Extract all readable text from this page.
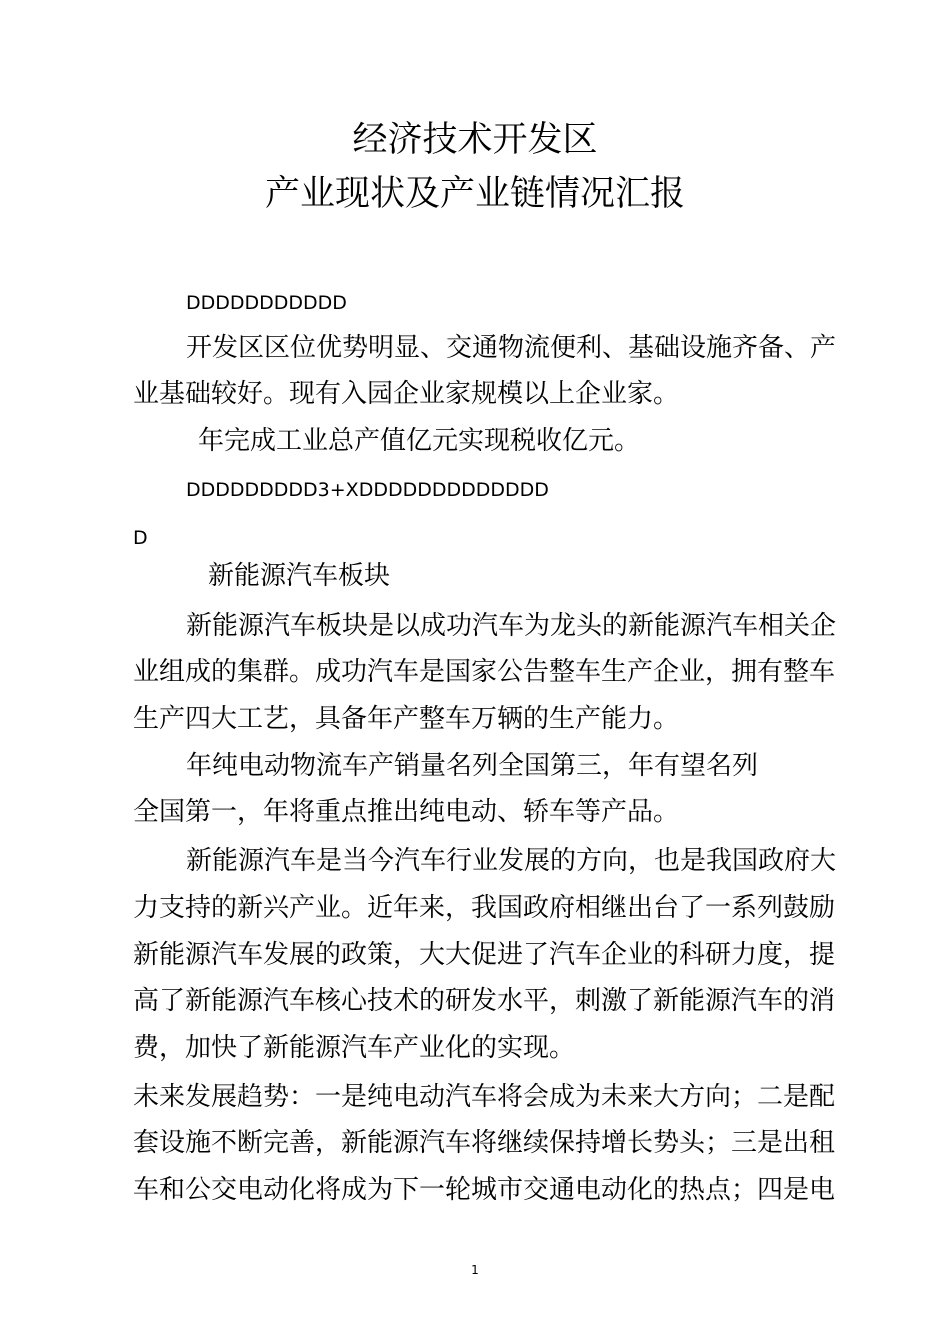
经济技术开发区
产业现状及产业链情况汇报
DDDDDDDDDDD
开发区区位优势明显、交通物流便利、基础设施齐备、产
业基础较好。现有入园企业家规模以上企业家。
年完成工业总产值亿元实现税收亿元。
DDDDDDDDD3+XDDDDDDDDDDDDD
D
新能源汽车板块
新能源汽车板块是以成功汽车为龙头的新能源汽车相关企
业组成的集群。成功汽车是国家公告整车生产企业，拥有整车
生产四大工艺，具备年产整车万辆的生产能力。
年纯电动物流车产销量名列全国第三，年有望名列
全国第一，年将重点推出纯电动、轿车等产品。
新能源汽车是当今汽车行业发展的方向，也是我国政府大
力支持的新兴产业。近年来，我国政府相继出台了一系列鼓励
新能源汽车发展的政策，大大促进了汽车企业的科研力度，提
高了新能源汽车核心技术的研发水平，刺激了新能源汽车的消
费，加快了新能源汽车产业化的实现。
未来发展趋势：一是纯电动汽车将会成为未来大方向；二是配
套设施不断完善，新能源汽车将继续保持增长势头；三是出租
车和公交电动化将成为下一轮城市交通电动化的热点；四是电
1
